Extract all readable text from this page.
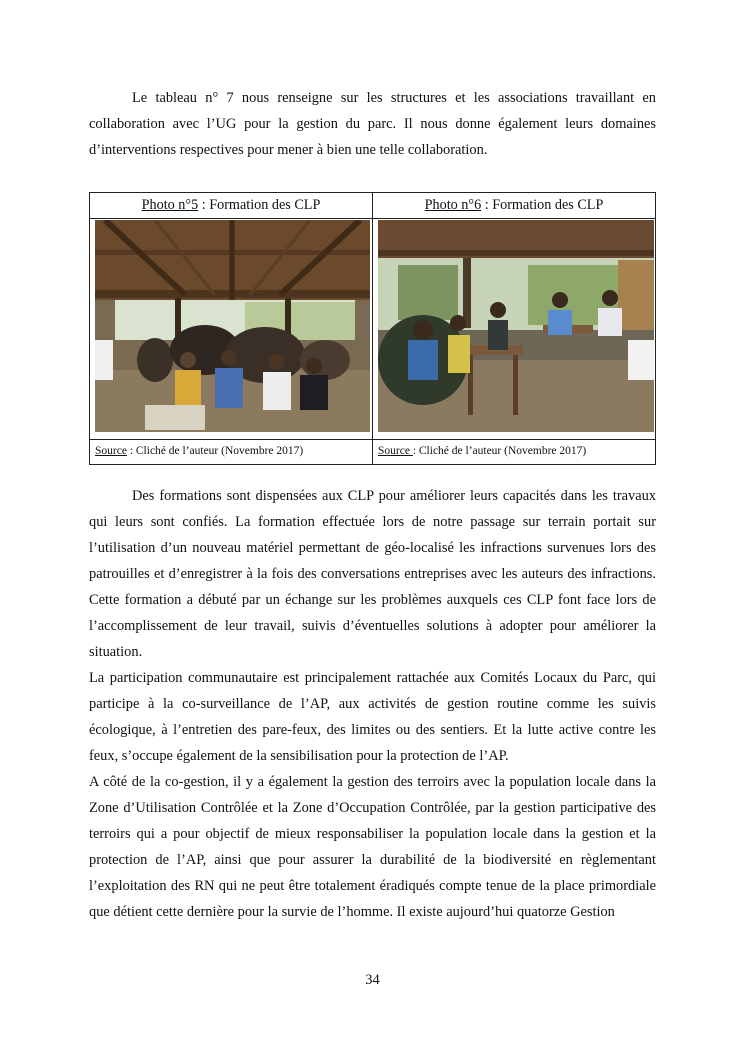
Le tableau n° 7 nous renseigne sur les structures et les associations travaillant en collaboration avec l’UG pour la gestion du parc. Il nous donne également leurs domaines d’interventions respectives pour mener à bien une telle collaboration.

Photo n°5 : Formation des CLP	Photo n°6 : Formation des CLP

Source : Cliché de l’auteur (Novembre 2017)	Source : Cliché de l’auteur (Novembre 2017)

Des formations sont dispensées aux CLP pour améliorer leurs capacités dans les travaux qui leurs sont confiés. La formation effectuée lors de notre passage sur terrain portait sur l’utilisation d’un nouveau matériel permettant de géo-localisé les infractions survenues lors des patrouilles et d’enregistrer à la fois des conversations entreprises avec les auteurs des infractions. Cette formation a débuté par un échange sur les problèmes auxquels ces CLP font face lors de l’accomplissement de leur travail, suivis d’éventuelles solutions à adopter pour améliorer la situation.

La participation communautaire est principalement rattachée aux Comités Locaux du Parc, qui participe à la co-surveillance de l’AP, aux activités de gestion routine comme les suivis écologique, à l’entretien des pare-feux, des limites ou des sentiers. Et la lutte active contre les feux, s’occupe également de la sensibilisation pour la protection de l’AP.

A côté de la co-gestion, il y a également la gestion des terroirs avec la population locale dans la Zone d’Utilisation Contrôlée et la Zone d’Occupation Contrôlée, par la gestion participative des terroirs qui a pour objectif de mieux responsabiliser la population locale dans la gestion et la protection de l’AP, ainsi que pour assurer la durabilité de la biodiversité en règlementant l’exploitation des RN qui ne peut être totalement éradiqués compte tenue de la place primordiale que détient cette dernière pour la survie de l’homme. Il existe aujourd’hui quatorze Gestion

34
